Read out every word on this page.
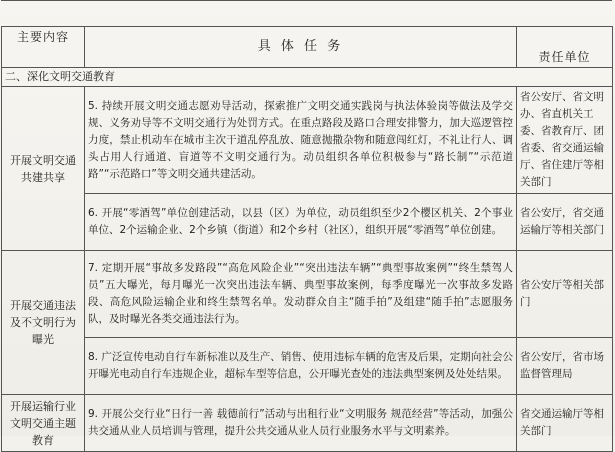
主要内容	具 体 任 务	责任单位
二、深化文明交通教育		
开展文明交通共建共享	5. 持续开展文明交通志愿劝导活动，探索推广文明交通实践岗与执法体验岗等做法及学交规、义务劝导等不文明交通行为处罚方式。在重点路段及路口合理安排警力，加大巡逻管控力度，禁止机动车在城市主次干道乱停乱放、随意抛撒杂物和随意闯红灯，不礼让行人、调头占用人行通道、盲道等不文明交通行为。动员组织各单位积极参与“路长制”“示范道路”“示范路口”等文明交通共建活动。	省公安厅、省文明办、省直机关工委、省教育厅、团省委、省交通运输厅、省住建厅等相关部门
	6. 开展“零酒驾”单位创建活动，以县（区）为单位，动员组织至少2个樱区机关、2个事业单位、2个运输企业、2个乡镇（街道）和2个乡村（社区），组织开展“零酒驾”单位创建。	省公安厅，省交通运输厅等相关部门
开展交通违法及不文明行为曝光	7. 定期开展“事故多发路段”“高危风险企业”“突出违法车辆”“典型事故案例”“终生禁驾人员”五大曝光，每月曝光一次突出违法车辆、典型事故案例，每季度曝光一次事故多发路段、高危风险运输企业和终生禁驾名单。发动群众自主“随手拍”及组建“随手拍”志愿服务队，及时曝光各类交通违法行为。	省公安厅等相关部门
	8. 广泛宣传电动自行车新标准以及生产、销售、使用违标车辆的危害及后果，定期向社会公开曝光电动自行车违规企业，超标车型等信息，公开曝光查处的违法典型案例及处处结果。	省公安厅，省市场监督管理局
开展运输行业文明交通主题教育	9. 开展公交行业“日行一善 载德前行”活动与出租行业“文明服务 规范经营”等活动，加强公共交通从业人员培训与管理，提升公共交通从业人员行业服务水平与文明素养。	省交通运输厅等相关部门
